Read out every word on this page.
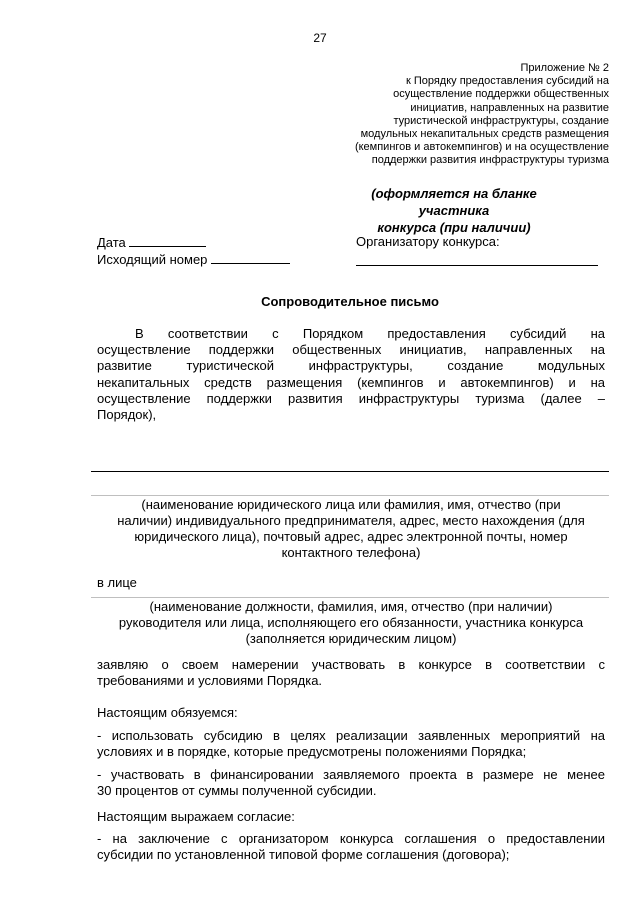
27
Приложение № 2
к Порядку предоставления субсидий на
осуществление поддержки общественных
инициатив, направленных на развитие
туристической инфраструктуры, создание
модульных некапитальных средств размещения
(кемпингов и автокемпингов) и на осуществление
поддержки развития инфраструктуры туризма
(оформляется на бланке участника
конкурса (при наличии)
Дата
Исходящий номер
Организатору конкурса:
Сопроводительное письмо
В соответствии с Порядком предоставления субсидий на
осуществление поддержки общественных инициатив, направленных на
развитие туристической инфраструктуры, создание модульных
некапитальных средств размещения (кемпингов и автокемпингов) и на
осуществление поддержки развития инфраструктуры туризма (далее –
Порядок),
(наименование юридического лица или фамилия, имя, отчество (при
наличии) индивидуального предпринимателя, адрес, место нахождения (для
юридического лица), почтовый адрес, адрес электронной почты, номер
контактного телефона)
в лице
(наименование должности, фамилия, имя, отчество (при наличии)
руководителя или лица, исполняющего его обязанности, участника конкурса
(заполняется юридическим лицом)
заявляю о своем намерении участвовать в конкурсе в соответствии с
требованиями и условиями Порядка.
Настоящим обязуемся:
- использовать субсидию в целях реализации заявленных мероприятий на
условиях и в порядке, которые предусмотрены положениями Порядка;
- участвовать в финансировании заявляемого проекта в размере не менее
30 процентов от суммы полученной субсидии.
Настоящим выражаем согласие:
- на заключение с организатором конкурса соглашения о предоставлении
субсидии по установленной типовой форме соглашения (договора);
